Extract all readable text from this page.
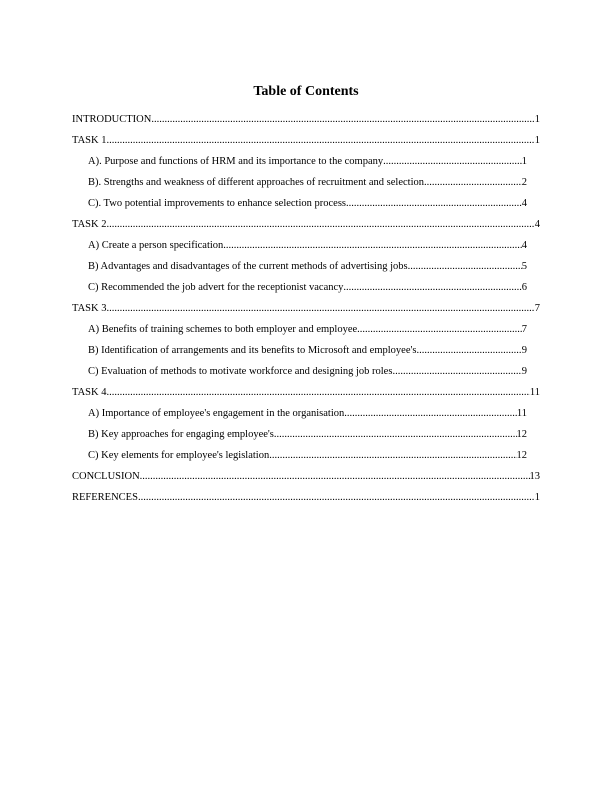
Table of Contents
INTRODUCTION .....	1
TASK 1 .....	1
A). Purpose and functions of HRM and its importance to the company .....	1
B). Strengths and weakness of different approaches of recruitment and selection .....	2
C). Two potential improvements to enhance selection process .....	4
TASK 2 .....	4
A) Create a person specification .....	4
B) Advantages and disadvantages of the current methods of advertising jobs .....	5
C) Recommended the job advert for the receptionist vacancy .....	6
TASK 3 .....	7
A) Benefits of training schemes to both employer and employee .....	7
B) Identification of arrangements and its benefits to Microsoft and employee's .....	9
C) Evaluation of methods to motivate workforce and designing job roles .....	9
TASK 4 .....	11
A) Importance of employee's engagement in the organisation .....	11
B) Key approaches for engaging employee's .....	12
C) Key elements for employee's legislation .....	12
CONCLUSION .....	13
REFERENCES .....	1
